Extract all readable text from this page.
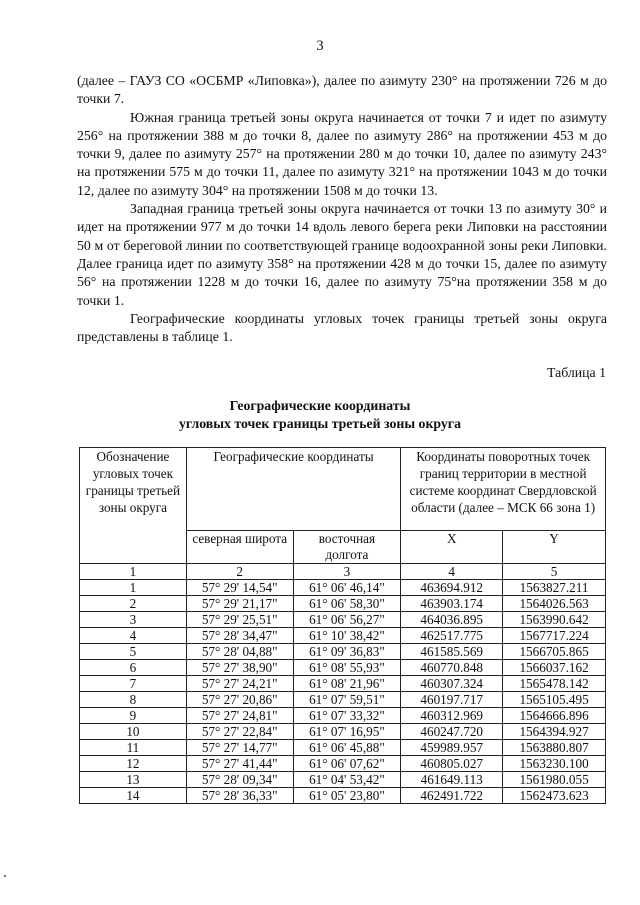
3

(далее – ГАУЗ СО «ОСБМР «Липовка»), далее по азимуту 230° на протяжении 726 м до точки 7.

Южная граница третьей зоны округа начинается от точки 7 и идет по азимуту 256° на протяжении 388 м до точки 8, далее по азимуту 286° на протяжении 453 м до точки 9, далее по азимуту 257° на протяжении 280 м до точки 10, далее по азимуту 243° на протяжении 575 м до точки 11, далее по азимуту 321° на протяжении 1043 м до точки 12, далее по азимуту 304° на протяжении 1508 м до точки 13.

Западная граница третьей зоны округа начинается от точки 13 по азимуту 30° и идет на протяжении 977 м до точки 14 вдоль левого берега реки Липовки на расстоянии 50 м от береговой линии по соответствующей границе водоохранной зоны реки Липовки. Далее граница идет по азимуту 358° на протяжении 428 м до точки 15, далее по азимуту 56° на протяжении 1228 м до точки 16, далее по азимуту 75°на протяжении 358 м до точки 1.

Географические координаты угловых точек границы третьей зоны округа представлены в таблице 1.

Таблица 1
Географические координаты
угловых точек границы третьей зоны округа
Обозначение угловых точек границы третьей зоны округа	Географические координаты		Координаты поворотных точек границ территории в местной системе координат Свердловской области (далее – МСК 66 зона 1)	
	северная широта	восточная долгота	X	Y
1	2	3	4	5
1	57° 29' 14,54"	61° 06' 46,14"	463694.912	1563827.211
2	57° 29' 21,17"	61° 06' 58,30"	463903.174	1564026.563
3	57° 29' 25,51"	61° 06' 56,27"	464036.895	1563990.642
4	57° 28' 34,47"	61° 10' 38,42"	462517.775	1567717.224
5	57° 28' 04,88"	61° 09' 36,83"	461585.569	1566705.865
6	57° 27' 38,90"	61° 08' 55,93"	460770.848	1566037.162
7	57° 27' 24,21"	61° 08' 21,96"	460307.324	1565478.142
8	57° 27' 20,86"	61° 07' 59,51"	460197.717	1565105.495
9	57° 27' 24,81"	61° 07' 33,32"	460312.969	1564666.896
10	57° 27' 22,84"	61° 07' 16,95"	460247.720	1564394.927
11	57° 27' 14,77"	61° 06' 45,88"	459989.957	1563880.807
12	57° 27' 41,44"	61° 06' 07,62"	460805.027	1563230.100
13	57° 28' 09,34"	61° 04' 53,42"	461649.113	1561980.055
14	57° 28' 36,33"	61° 05' 23,80"	462491.722	1562473.623
